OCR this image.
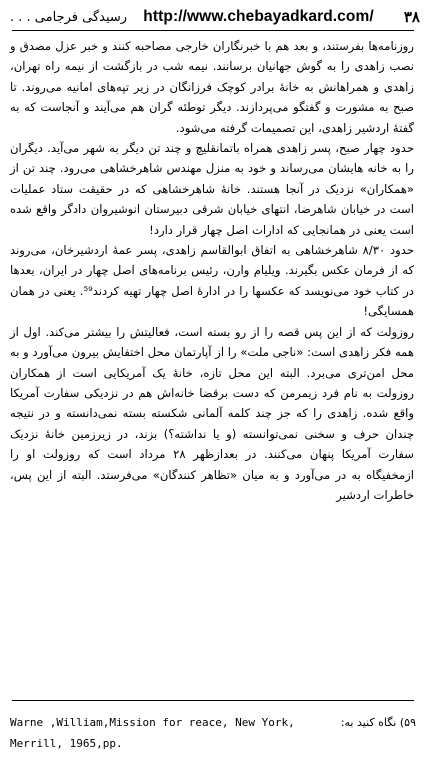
رسیدگی فرجامی . . . http://www.chebayadkard.com/	۳۸

روزنامه‌ها بفرستند، و بعد هم با خبرنگاران خارجی مصاحبه کنند و خبر عزل مصدق و نصب زاهدی را به گوش جهانیان برسانند. نیمه شب در بازگشت از نیمه راه تهران، زاهدی و همراهانش به خانهٔ برادر کوچک فرزانگان در زیر تپه‌های امانیه می‌روند. تا صبح به مشورت و گفتگو می‌پردازند. دیگر توطئه گران هم می‌آیند و آنجاست که به گفتهٔ اردشیر زاهدی، این تصمیمات گرفته می‌شود.

حدود چهار صبح، پسر زاهدی همراه باتمانقلیچ و چند تن دیگر به شهر می‌آید. دیگران را به خانه هایشان می‌رساند و خود به منزل مهندس شاهرخشاهی می‌رود. چند تن از «همکاران» نزدیک در آنجا هستند. خانهٔ شاهرخشاهی که در حقیقت ستاد عملیات است در خیابان شاهرضا، انتهای خیابان شرقی دبیرستان انوشیروان دادگر واقع شده است یعنی در همانجایی که ادارات اصل چهار قرار دارد!

حدود ۸/۳۰ شاهرخشاهی به اتفاق ابوالقاسم زاهدی، پسر عمهٔ اردشیرخان، می‌روند که از فرمان عکس بگیرند. ویلیام وارن، رئیس برنامه‌های اصل چهار در ایران، بعدها در کتاب خود می‌نویسد که عکسها را در ادارهٔ اصل چهار تهیه کردند⁵⁹. یعنی در همان همسایگی!

روزولت که از این پس قصه را از رو بسته است، فعالیتش را بیشتر می‌کند. اول از همه فکر زاهدی است: «ناجی ملت» را از آپارتمان محل اختفایش بیرون می‌آورد و به محل امن‌تری می‌برد. البته این محل تازه، خانهٔ یک آمریکایی است از همکاران روزولت به نام فرد زیمرمن که دست برقضا خانه‌اش هم در نزدیکی سفارت آمریکا واقع شده. زاهدی را که جز چند کلمه آلمانی شکسته بسته نمی‌دانسته و در نتیجه چندان حرف و سخنی نمی‌توانسته (و یا نداشته؟) بزند، در زیرزمین خانهٔ نزدیک سفارت آمریکا پنهان می‌کنند. در بعدازظهر ۲۸ مرداد است که روزولت او را ازمخفیگاه به در می‌آورد و به میان «تظاهر کنندگان» می‌فرستد. البته از این پس، خاطرات اردشیر

Warne ,William,Mission for reace, New York,	۵۹) نگاه کنید به:
Merrill, 1965,pp.
